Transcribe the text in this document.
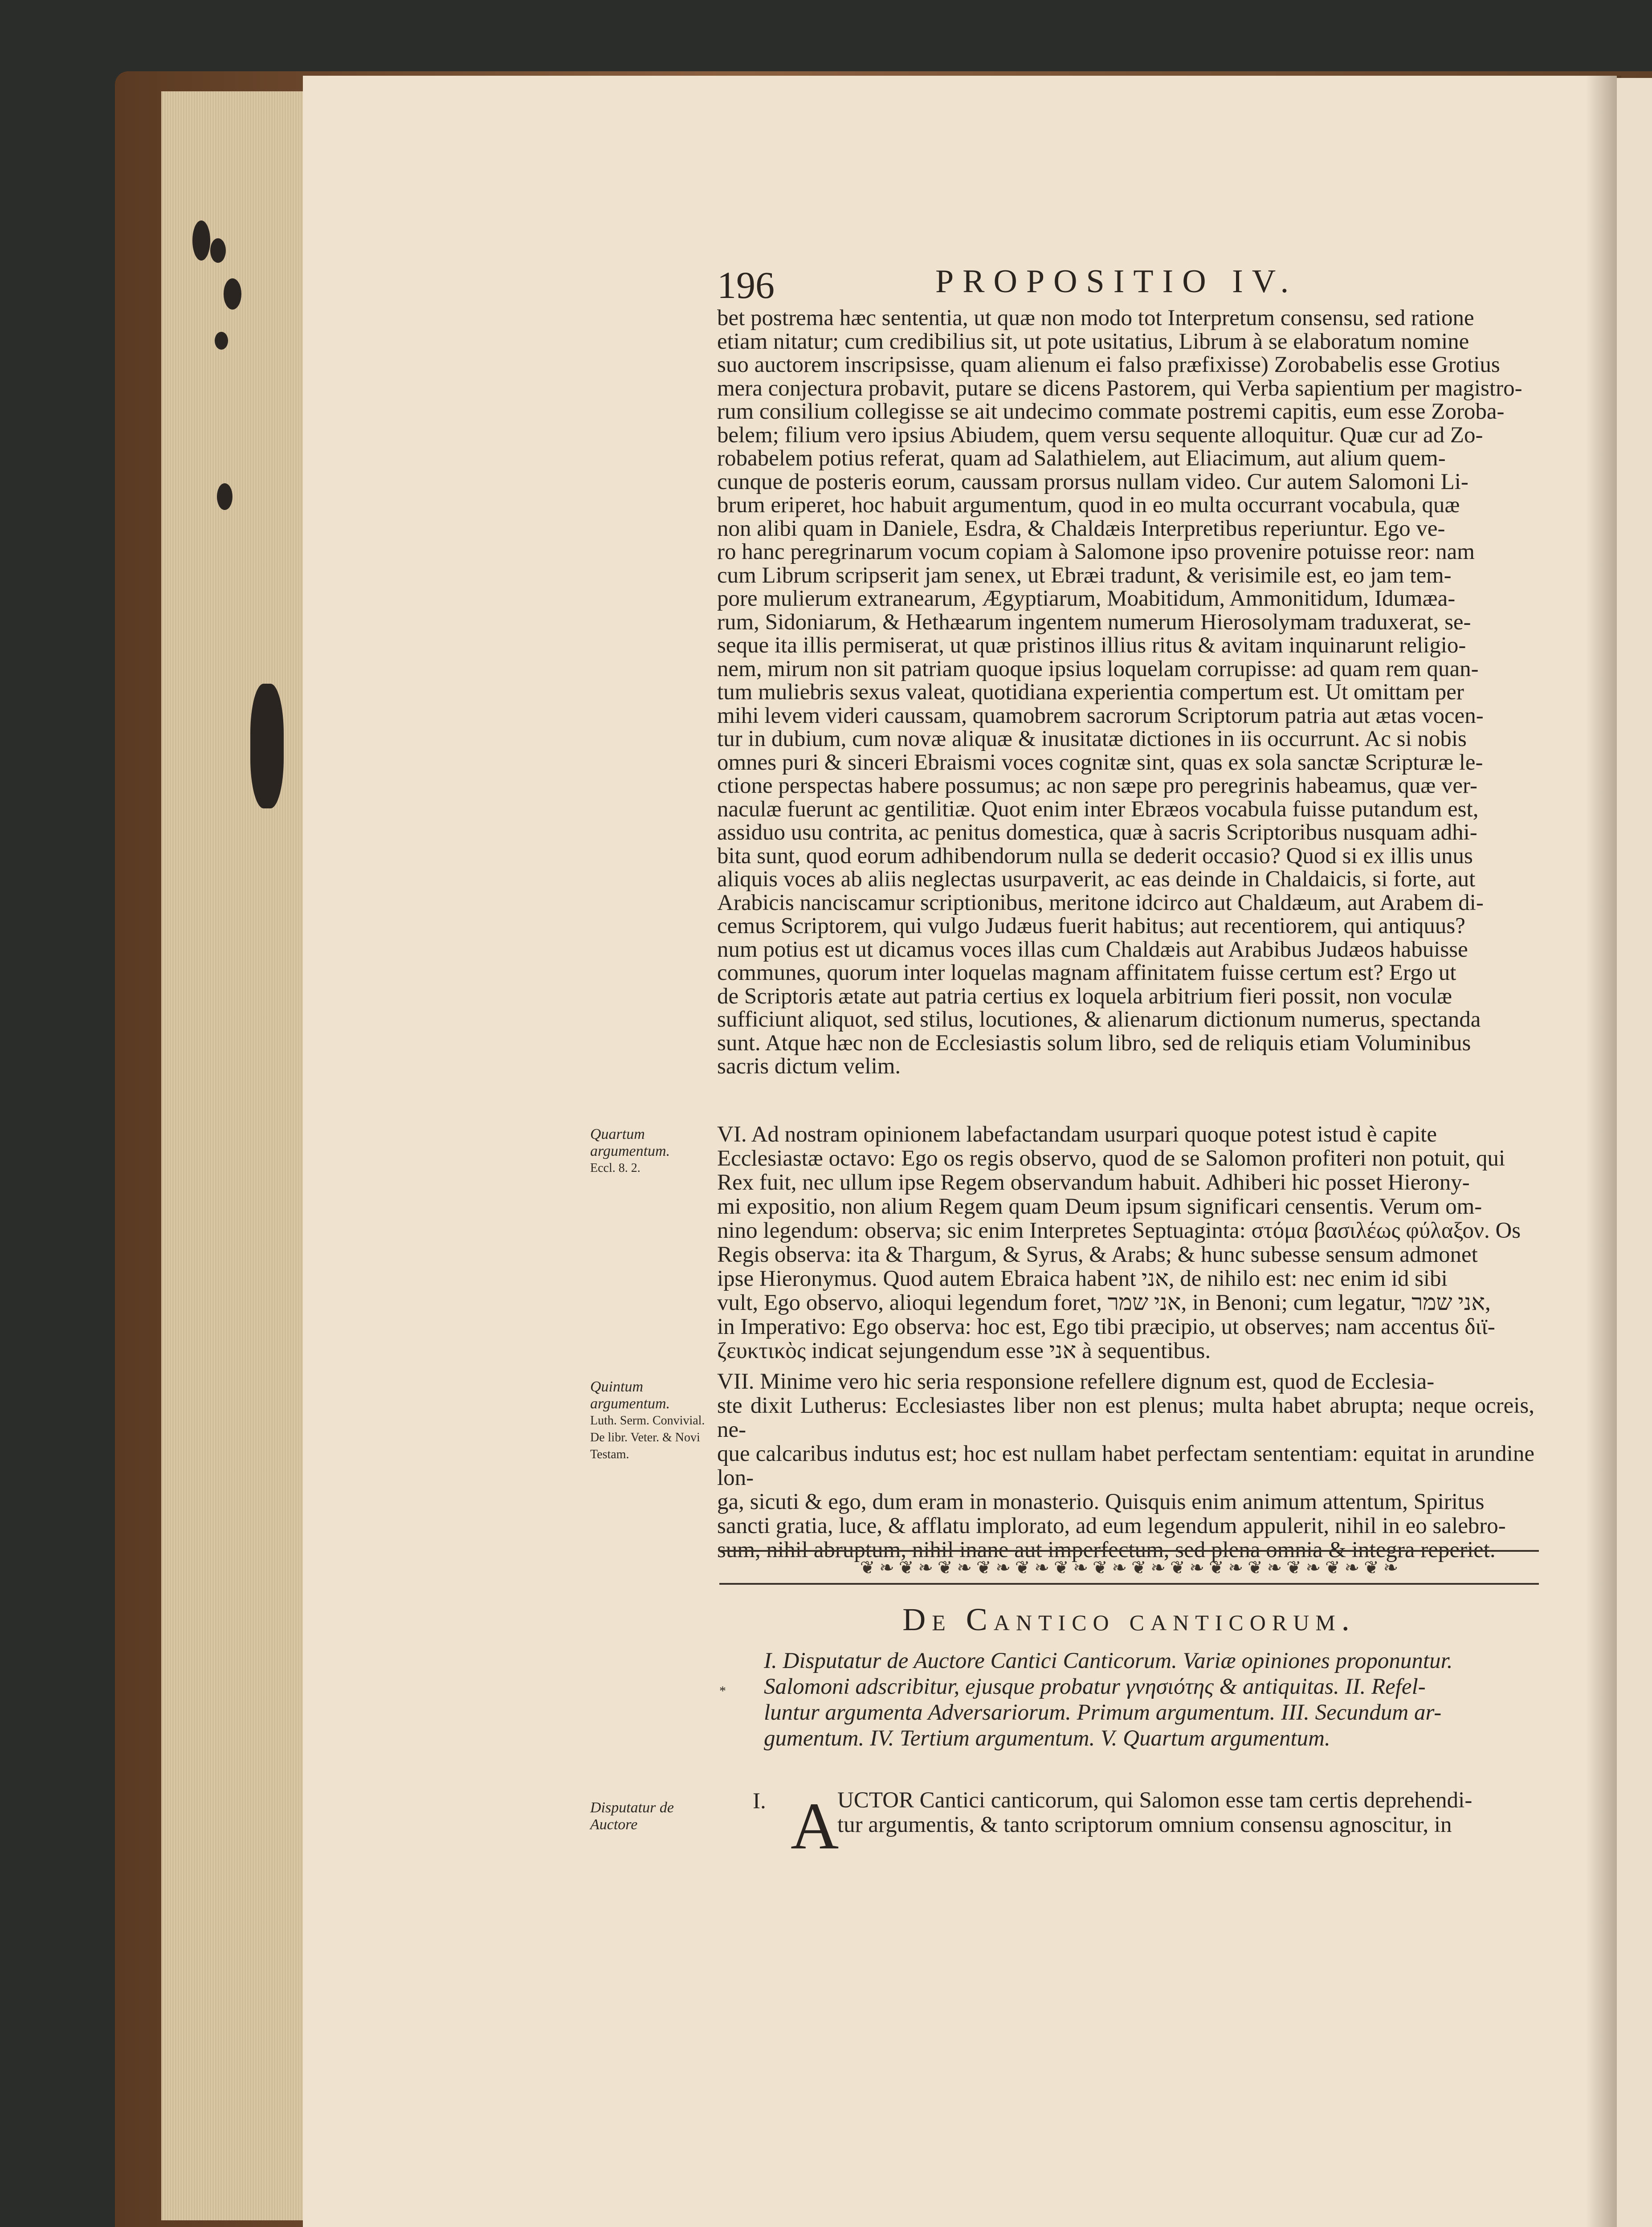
196	PROPOSITIO IV.
bet postrema hæc sententia, ut quæ non modo tot Interpretum consensu, sed ratione
etiam nitatur; cum credibilius sit, ut pote usitatius, Librum à se elaboratum nomine
suo auctorem inscripsisse, quam alienum ei falso præfixisse) Zorobabelis esse Grotius
mera conjectura probavit, putare se dicens Pastorem, qui Verba sapientium per magistro-
rum consilium collegisse se ait undecimo commate postremi capitis, eum esse Zoroba-
belem; filium vero ipsius Abiudem, quem versu sequente alloquitur. Quæ cur ad Zo-
robabelem potius referat, quam ad Salathielem, aut Eliacimum, aut alium quem-
cunque de posteris eorum, caussam prorsus nullam video. Cur autem Salomoni Li-
brum eriperet, hoc habuit argumentum, quod in eo multa occurrant vocabula, quæ
non alibi quam in Daniele, Esdra, & Chaldæis Interpretibus reperiuntur. Ego ve-
ro hanc peregrinarum vocum copiam à Salomone ipso provenire potuisse reor: nam
cum Librum scripserit jam senex, ut Ebræi tradunt, & verisimile est, eo jam tem-
pore mulierum extranearum, Ægyptiarum, Moabitidum, Ammonitidum, Idumæa-
rum, Sidoniarum, & Hethæarum ingentem numerum Hierosolymam traduxerat, se-
seque ita illis permiserat, ut quæ pristinos illius ritus & avitam inquinarunt religio-
nem, mirum non sit patriam quoque ipsius loquelam corrupisse: ad quam rem quan-
tum muliebris sexus valeat, quotidiana experientia compertum est. Ut omittam per
mihi levem videri caussam, quamobrem sacrorum Scriptorum patria aut ætas vocen-
tur in dubium, cum novæ aliquæ & inusitatæ dictiones in iis occurrunt. Ac si nobis
omnes puri & sinceri Ebraismi voces cognitæ sint, quas ex sola sanctæ Scripturæ le-
ctione perspectas habere possumus; ac non sæpe pro peregrinis habeamus, quæ ver-
naculæ fuerunt ac gentilitiæ. Quot enim inter Ebræos vocabula fuisse putandum est,
assiduo usu contrita, ac penitus domestica, quæ à sacris Scriptoribus nusquam adhi-
bita sunt, quod eorum adhibendorum nulla se dederit occasio? Quod si ex illis unus
aliquis voces ab aliis neglectas usurpaverit, ac eas deinde in Chaldaicis, si forte, aut
Arabicis nanciscamur scriptionibus, meritone idcirco aut Chaldæum, aut Arabem di-
cemus Scriptorem, qui vulgo Judæus fuerit habitus; aut recentiorem, qui antiquus?
num potius est ut dicamus voces illas cum Chaldæis aut Arabibus Judæos habuisse
communes, quorum inter loquelas magnam affinitatem fuisse certum est? Ergo ut
de Scriptoris ætate aut patria certius ex loquela arbitrium fieri possit, non voculæ
sufficiunt aliquot, sed stilus, locutiones, & alienarum dictionum numerus, spectanda
sunt. Atque hæc non de Ecclesiastis solum libro, sed de reliquis etiam Voluminibus
sacris dictum velim.
Quartum argumentum.
Eccl. 8. 2.
VI. Ad nostram opinionem labefactandam usurpari quoque potest istud è capite
Ecclesiastæ octavo: Ego os regis observo, quod de se Salomon profiteri non potuit, qui
Rex fuit, nec ullum ipse Regem observandum habuit. Adhiberi hic posset Hierony-
mi expositio, non alium Regem quam Deum ipsum significari censentis. Verum om-
nino legendum: observa; sic enim Interpretes Septuaginta: στόμα βασιλέως φύλαξον. Os
Regis observa: ita & Thargum, & Syrus, & Arabs; & hunc subesse sensum admonet
ipse Hieronymus. Quod autem Ebraica habent אני, de nihilo est: nec enim id sibi
vult, Ego observo, alioqui legendum foret, אני שמר, in Benoni; cum legatur, אני שמר,
in Imperativo: Ego observa: hoc est, Ego tibi præcipio, ut observes; nam accentus διϊ-
ζευκτικὸς indicat sejungendum esse אני à sequentibus.
Quintum argumentum.
Luth. Serm. Convivial. De libr. Veter. & Novi Testam.
VII. Minime vero hic seria responsione refellere dignum est, quod de Ecclesia-
ste dixit Lutherus: Ecclesiastes liber non est plenus; multa habet abrupta; neque ocreis, ne-
que calcaribus indutus est; hoc est nullam habet perfectam sententiam: equitat in arundine lon-
ga, sicuti & ego, dum eram in monasterio. Quisquis enim animum attentum, Spiritus
sancti gratia, luce, & afflatu implorato, ad eum legendum appulerit, nihil in eo salebro-
sum, nihil abruptum, nihil inane aut imperfectum, sed plena omnia & integra reperiet.
❦ ❧ ❦ ❧ ❦ ❧ ❦ ❧ ❦ ❧ ❦ ❧ ❦ ❧ ❦ ❧ ❦ ❧ ❦ ❧ ❦ ❧ ❦ ❧ ❦ ❧ ❦ ❧
De Cantico canticorum.
*
I. Disputatur de Auctore Cantici Canticorum. Variæ opiniones proponuntur.
Salomoni adscribitur, ejusque probatur γνησιότης & antiquitas. II. Refel-
luntur argumenta Adversariorum. Primum argumentum. III. Secundum ar-
gumentum. IV. Tertium argumentum. V. Quartum argumentum.
Disputatur de Auctore
I. A
UCTOR Cantici canticorum, qui Salomon esse tam certis deprehendi-
tur argumentis, & tanto scriptorum omnium consensu agnoscitur, in
